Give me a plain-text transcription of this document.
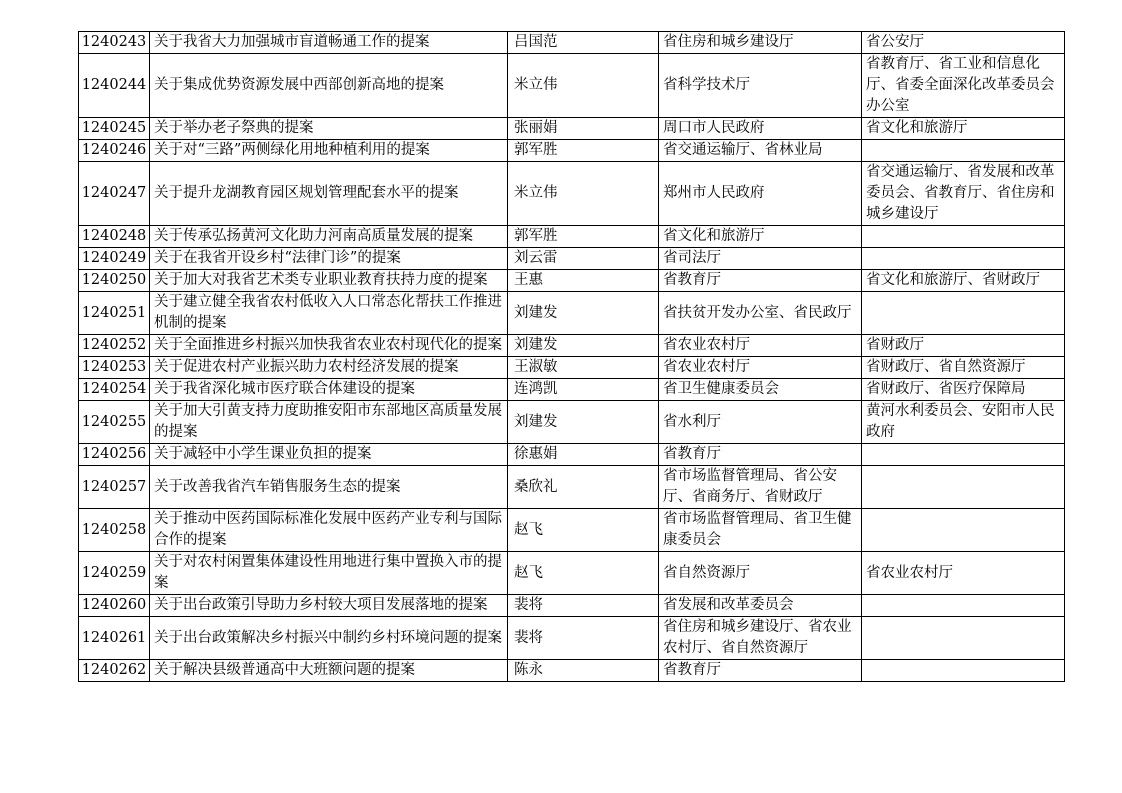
1240243	关于我省大力加强城市盲道畅通工作的提案	吕国范	省住房和城乡建设厅	省公安厅
1240244	关于集成优势资源发展中西部创新高地的提案	米立伟	省科学技术厅	省教育厅、省工业和信息化厅、省委全面深化改革委员会办公室
1240245	关于举办老子祭典的提案	张丽娟	周口市人民政府	省文化和旅游厅
1240246	关于对“三路”两侧绿化用地种植利用的提案	郭军胜	省交通运输厅、省林业局	
1240247	关于提升龙湖教育园区规划管理配套水平的提案	米立伟	郑州市人民政府	省交通运输厅、省发展和改革委员会、省教育厅、省住房和城乡建设厅
1240248	关于传承弘扬黄河文化助力河南高质量发展的提案	郭军胜	省文化和旅游厅	
1240249	关于在我省开设乡村“法律门诊”的提案	刘云雷	省司法厅	
1240250	关于加大对我省艺术类专业职业教育扶持力度的提案	王惠	省教育厅	省文化和旅游厅、省财政厅
1240251	关于建立健全我省农村低收入人口常态化帮扶工作推进机制的提案	刘建发	省扶贫开发办公室、省民政厅	
1240252	关于全面推进乡村振兴加快我省农业农村现代化的提案	刘建发	省农业农村厅	省财政厅
1240253	关于促进农村产业振兴助力农村经济发展的提案	王淑敏	省农业农村厅	省财政厅、省自然资源厅
1240254	关于我省深化城市医疗联合体建设的提案	连鸿凯	省卫生健康委员会	省财政厅、省医疗保障局
1240255	关于加大引黄支持力度助推安阳市东部地区高质量发展的提案	刘建发	省水利厅	黄河水利委员会、安阳市人民政府
1240256	关于减轻中小学生课业负担的提案	徐惠娟	省教育厅	
1240257	关于改善我省汽车销售服务生态的提案	桑欣礼	省市场监督管理局、省公安厅、省商务厅、省财政厅	
1240258	关于推动中医药国际标准化发展中医药产业专利与国际合作的提案	赵飞	省市场监督管理局、省卫生健康委员会	
1240259	关于对农村闲置集体建设性用地进行集中置换入市的提案	赵飞	省自然资源厅	省农业农村厅
1240260	关于出台政策引导助力乡村较大项目发展落地的提案	裴将	省发展和改革委员会	
1240261	关于出台政策解决乡村振兴中制约乡村环境问题的提案	裴将	省住房和城乡建设厅、省农业农村厅、省自然资源厅	
1240262	关于解决县级普通高中大班额问题的提案	陈永	省教育厅	
